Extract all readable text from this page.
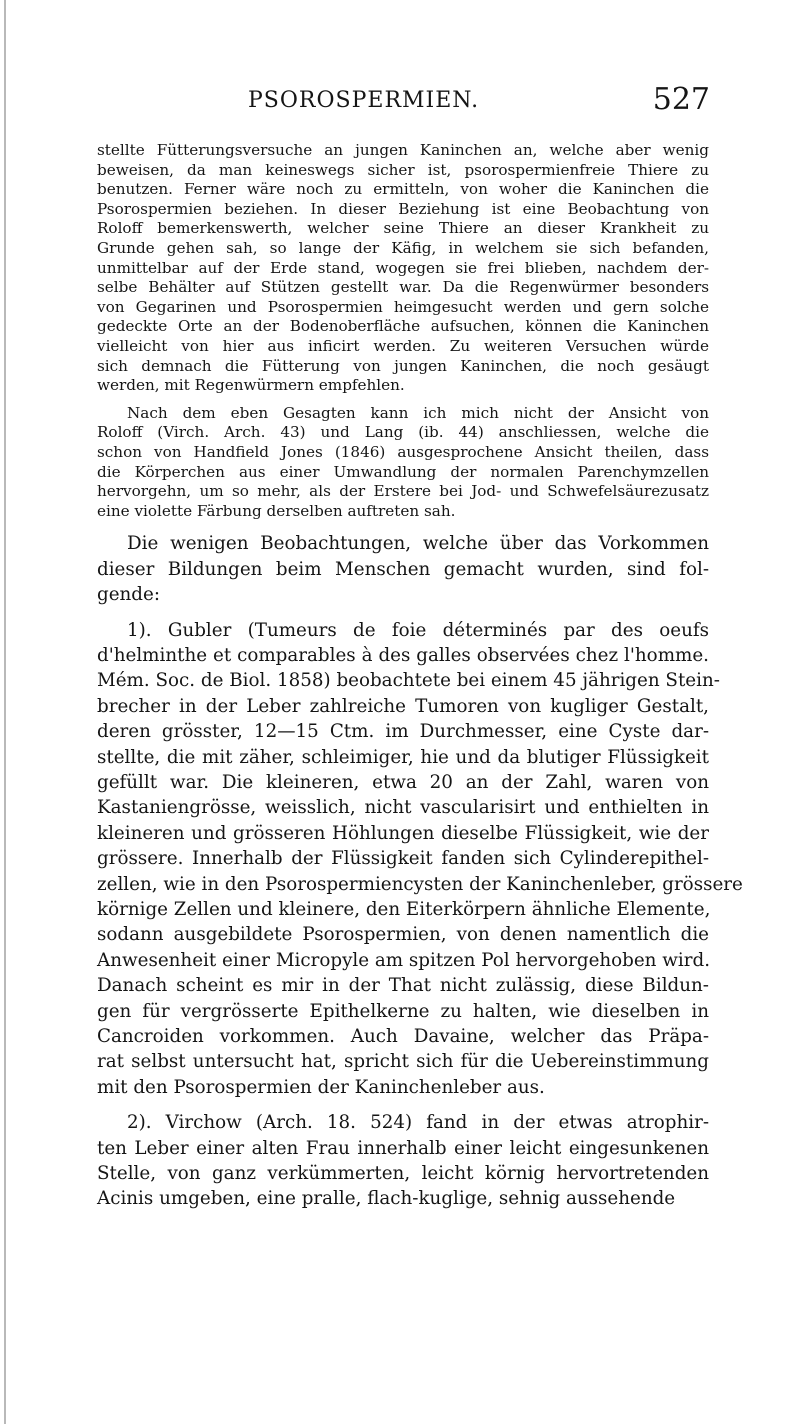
PSOROSPERMIEN.	527
stellte Fütterungsversuche an jungen Kaninchen an, welche aber wenig
beweisen, da man keineswegs sicher ist, psorospermienfreie Thiere zu
benutzen. Ferner wäre noch zu ermitteln, von woher die Kaninchen die
Psorospermien beziehen. In dieser Beziehung ist eine Beobachtung von
Roloff bemerkenswerth, welcher seine Thiere an dieser Krankheit zu
Grunde gehen sah, so lange der Käfig, in welchem sie sich befanden,
unmittelbar auf der Erde stand, wogegen sie frei blieben, nachdem der-
selbe Behälter auf Stützen gestellt war. Da die Regenwürmer besonders
von Gegarinen und Psorospermien heimgesucht werden und gern solche
gedeckte Orte an der Bodenoberfläche aufsuchen, können die Kaninchen
vielleicht von hier aus inficirt werden. Zu weiteren Versuchen würde
sich demnach die Fütterung von jungen Kaninchen, die noch gesäugt
werden, mit Regenwürmern empfehlen.
Nach dem eben Gesagten kann ich mich nicht der Ansicht von
Roloff (Virch. Arch. 43) und Lang (ib. 44) anschliessen, welche die
schon von Handfield Jones (1846) ausgesprochene Ansicht theilen, dass
die Körperchen aus einer Umwandlung der normalen Parenchymzellen
hervorgehn, um so mehr, als der Erstere bei Jod- und Schwefelsäurezusatz
eine violette Färbung derselben auftreten sah.
Die wenigen Beobachtungen, welche über das Vorkommen
dieser Bildungen beim Menschen gemacht wurden, sind fol-
gende:
1). Gubler (Tumeurs de foie déterminés par des oeufs
d'helminthe et comparables à des galles observées chez l'homme.
Mém. Soc. de Biol. 1858) beobachtete bei einem 45 jährigen Stein-
brecher in der Leber zahlreiche Tumoren von kugliger Gestalt,
deren grösster, 12—15 Ctm. im Durchmesser, eine Cyste dar-
stellte, die mit zäher, schleimiger, hie und da blutiger Flüssigkeit
gefüllt war. Die kleineren, etwa 20 an der Zahl, waren von
Kastaniengrösse, weisslich, nicht vascularisirt und enthielten in
kleineren und grösseren Höhlungen dieselbe Flüssigkeit, wie der
grössere. Innerhalb der Flüssigkeit fanden sich Cylinderepithel-
zellen, wie in den Psorospermiencysten der Kaninchenleber, grössere
körnige Zellen und kleinere, den Eiterkörpern ähnliche Elemente,
sodann ausgebildete Psorospermien, von denen namentlich die
Anwesenheit einer Micropyle am spitzen Pol hervorgehoben wird.
Danach scheint es mir in der That nicht zulässig, diese Bildun-
gen für vergrösserte Epithelkerne zu halten, wie dieselben in
Cancroiden vorkommen. Auch Davaine, welcher das Präpa-
rat selbst untersucht hat, spricht sich für die Uebereinstimmung
mit den Psorospermien der Kaninchenleber aus.
2). Virchow (Arch. 18. 524) fand in der etwas atrophir-
ten Leber einer alten Frau innerhalb einer leicht eingesunkenen
Stelle, von ganz verkümmerten, leicht körnig hervortretenden
Acinis umgeben, eine pralle, flach-kuglige, sehnig aussehende
